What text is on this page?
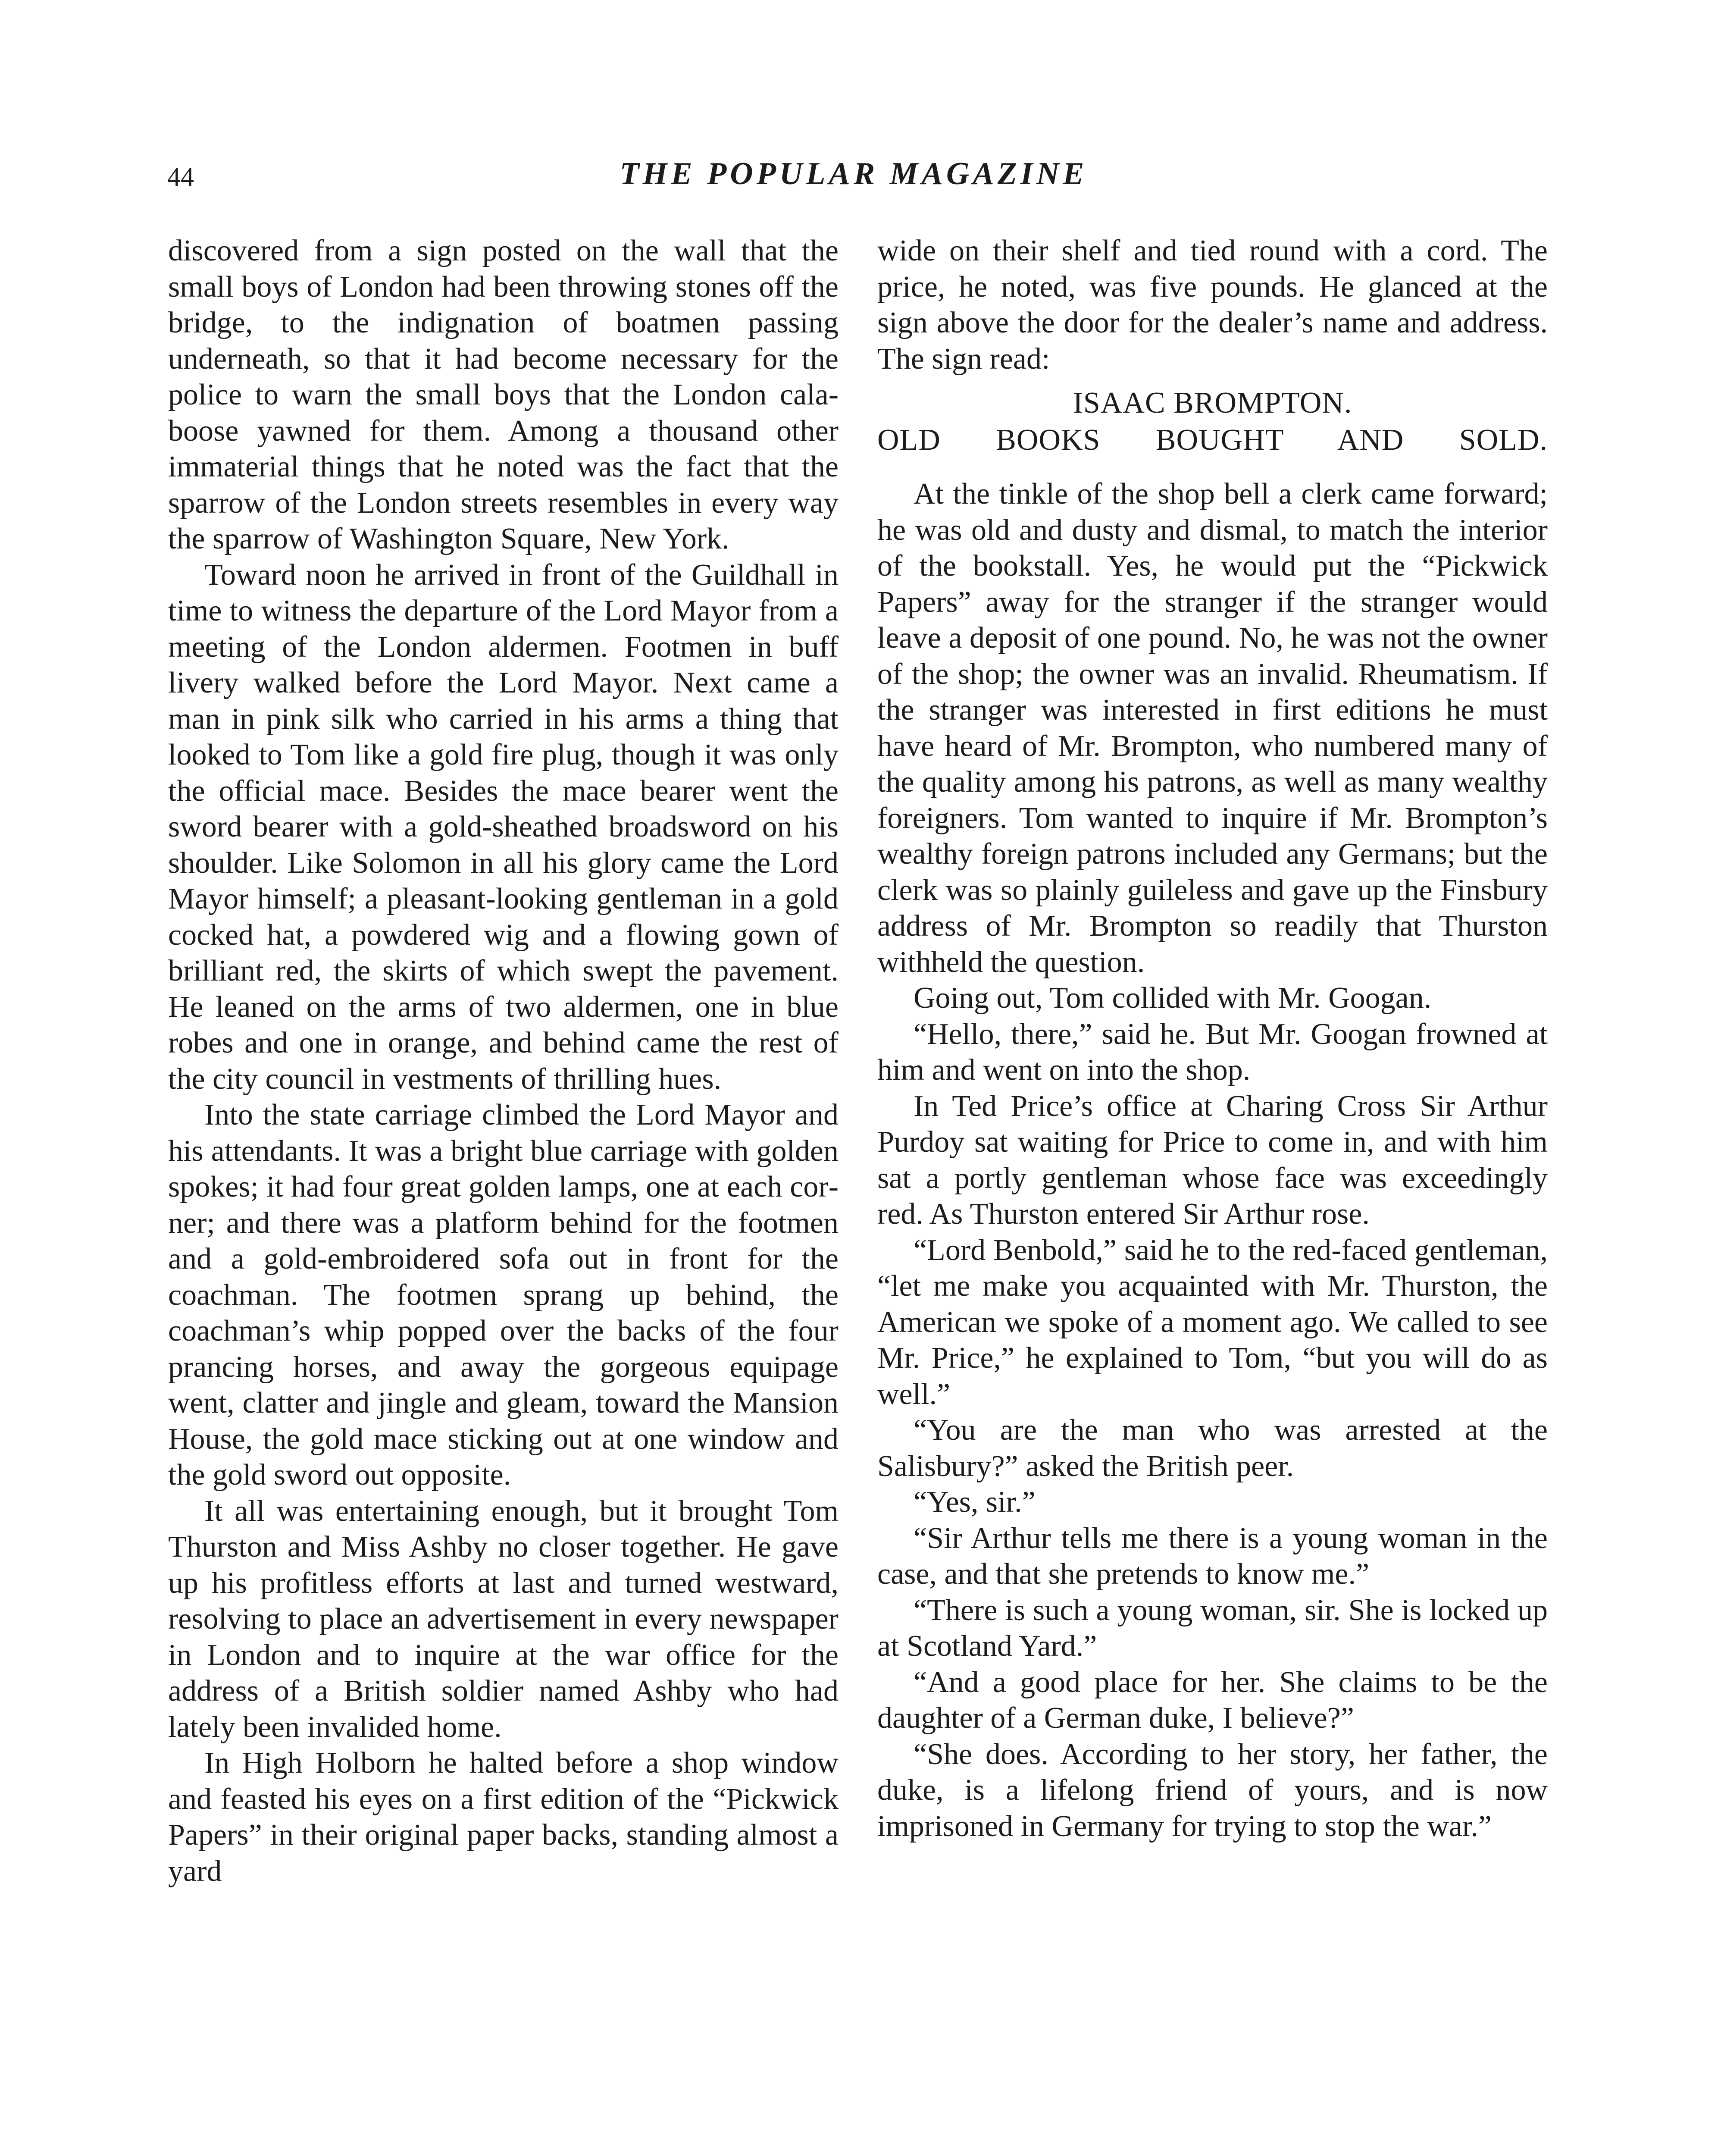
44	THE POPULAR MAGAZINE

discovered from a sign posted on the wall that the small boys of London had been throwing stones off the bridge, to the indignation of boatmen passing underneath, so that it had become necessary for the police to warn the small boys that the London calaboose yawned for them. Among a thousand other immaterial things that he noted was the fact that the sparrow of the London streets resembles in every way the sparrow of Washington Square, New York.

Toward noon he arrived in front of the Guildhall in time to witness the departure of the Lord Mayor from a meeting of the London aldermen. Footmen in buff livery walked before the Lord Mayor. Next came a man in pink silk who carried in his arms a thing that looked to Tom like a gold fire plug, though it was only the official mace. Besides the mace bearer went the sword bearer with a gold-sheathed broadsword on his shoulder. Like Solomon in all his glory came the Lord Mayor himself; a pleasant-looking gentleman in a gold cocked hat, a powdered wig and a flowing gown of brilliant red, the skirts of which swept the pavement. He leaned on the arms of two aldermen, one in blue robes and one in orange, and behind came the rest of the city council in vestments of thrilling hues.

Into the state carriage climbed the Lord Mayor and his attendants. It was a bright blue carriage with golden spokes; it had four great golden lamps, one at each corner; and there was a platform behind for the footmen and a gold-embroidered sofa out in front for the coachman. The footmen sprang up behind, the coachman’s whip popped over the backs of the four prancing horses, and away the gorgeous equipage went, clatter and jingle and gleam, toward the Mansion House, the gold mace sticking out at one window and the gold sword out opposite.

It all was entertaining enough, but it brought Tom Thurston and Miss Ashby no closer together. He gave up his profitless efforts at last and turned westward, resolving to place an advertisement in every newspaper in London and to inquire at the war office for the address of a British soldier named Ashby who had lately been invalided home.

In High Holborn he halted before a shop window and feasted his eyes on a first edition of the “Pickwick Papers” in their original paper backs, standing almost a yard

wide on their shelf and tied round with a cord. The price, he noted, was five pounds. He glanced at the sign above the door for the dealer’s name and address. The sign read:

ISAAC BROMPTON.
OLD BOOKS BOUGHT AND SOLD.

At the tinkle of the shop bell a clerk came forward; he was old and dusty and dismal, to match the interior of the bookstall. Yes, he would put the “Pickwick Papers” away for the stranger if the stranger would leave a deposit of one pound. No, he was not the owner of the shop; the owner was an invalid. Rheumatism. If the stranger was interested in first editions he must have heard of Mr. Brompton, who numbered many of the quality among his patrons, as well as many wealthy foreigners. Tom wanted to inquire if Mr. Brompton’s wealthy foreign patrons included any Germans; but the clerk was so plainly guileless and gave up the Finsbury address of Mr. Brompton so readily that Thurston withheld the question.

Going out, Tom collided with Mr. Googan.

“Hello, there,” said he. But Mr. Googan frowned at him and went on into the shop.

In Ted Price’s office at Charing Cross Sir Arthur Purdoy sat waiting for Price to come in, and with him sat a portly gentleman whose face was exceedingly red. As Thurston entered Sir Arthur rose.

“Lord Benbold,” said he to the red-faced gentleman, “let me make you acquainted with Mr. Thurston, the American we spoke of a moment ago. We called to see Mr. Price,” he explained to Tom, “but you will do as well.”

“You are the man who was arrested at the Salisbury?” asked the British peer.

“Yes, sir.”

“Sir Arthur tells me there is a young woman in the case, and that she pretends to know me.”

“There is such a young woman, sir. She is locked up at Scotland Yard.”

“And a good place for her. She claims to be the daughter of a German duke, I believe?”

“She does. According to her story, her father, the duke, is a lifelong friend of yours, and is now imprisoned in Germany for trying to stop the war.”
